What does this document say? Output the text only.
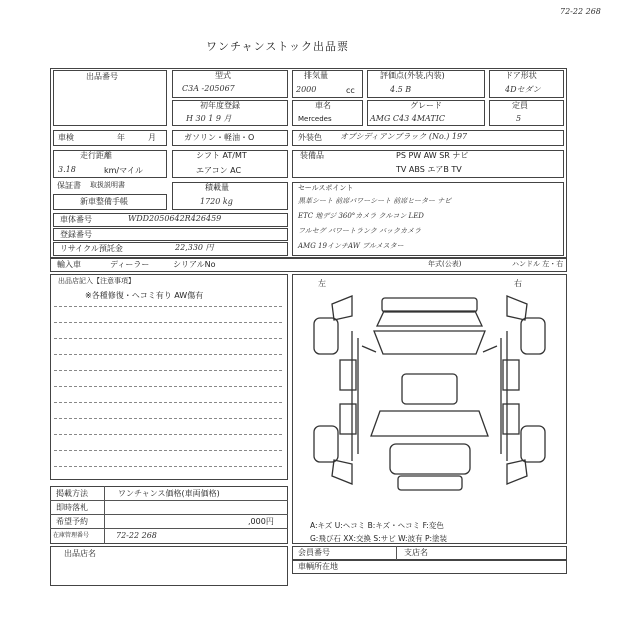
72-22 268
ワンチャンストック出品票
出品番号	型式
C3A -205067
排気量
2000	cc
評価点(外装,内装)
4.5 B
ドア形状
4Dセダン
初年度登録
H 30 1 9 月
車名
Mercedes
グレード
AMG C43 4MATIC
定員
5
車検	年	月	ガソリン・軽油・O	外装色 オブシディアンブラック (No.) 197
走行距離
3.18	km/マイル
シフト AT/MT
エアコン AC
装備品	PS PW AW SR ナビ
TV ABS エアB TV
保証書 取扱説明書
新車整備手帳
積載量
1720 kg
セールスポイント
黒革シート 前席パワーシート 前席ヒーター ナビ
ETC 地デジ 360°カメラ クルコン LED
フルセグ パワートランク バックカメラ
AMG 19インチAW ブルメスター
車体番号	WDD2050642R426459
登録番号
リサイクル預託金	22,330 円
輸入車	ディーラー	シリアルNo	年式(公表)	ハンドル 左・右
出品店記入【注意事項】
※各種修復・ヘコミ有り AW傷有
左	右
A:キズ U:ヘコミ B:キズ・ヘコミ F:変色
G:飛び石 XX:交換 S:サビ W:波有 P:塗装
掲載方法	ワンチャンス価格(車両価格)
即時落札
希望予約	,000円
在庫管理番号	72-22 268
出品店名	会員番号	支店名
車輌所在地
